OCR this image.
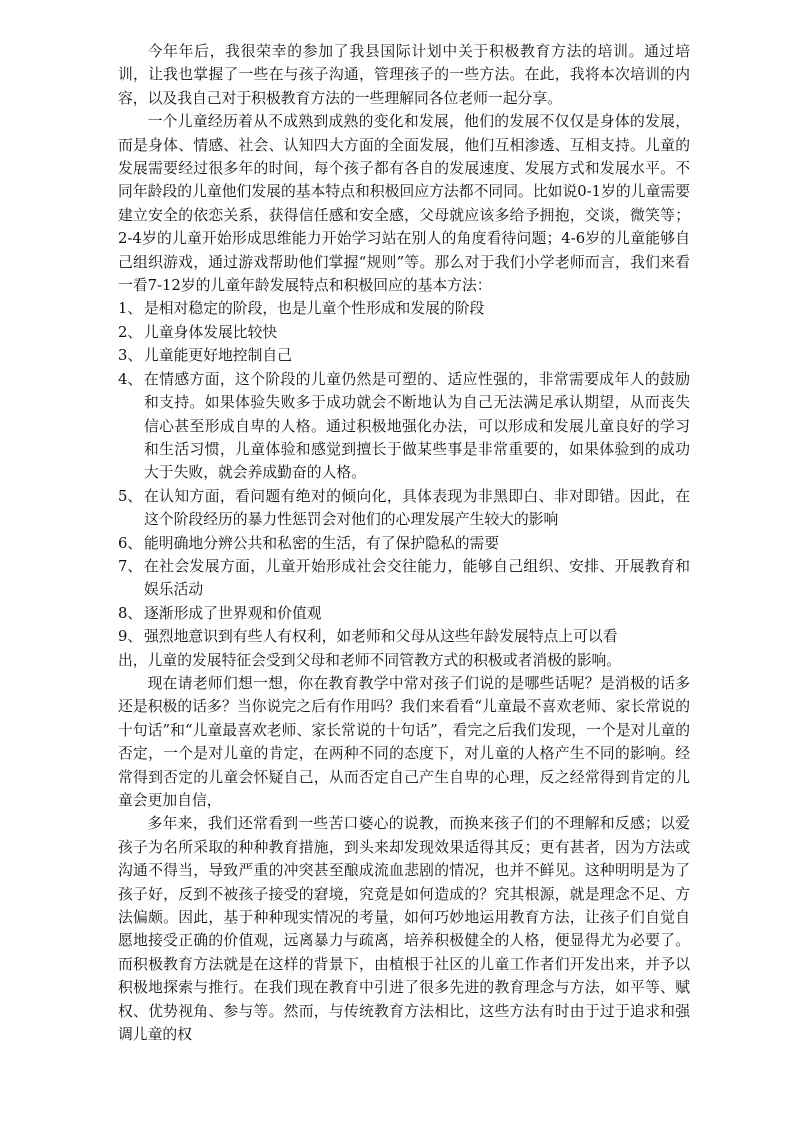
今年年后，我很荣幸的参加了我县国际计划中关于积极教育方法的培训。通过培训，让我也掌握了一些在与孩子沟通，管理孩子的一些方法。在此，我将本次培训的内容，以及我自己对于积极教育方法的一些理解同各位老师一起分享。

一个儿童经历着从不成熟到成熟的变化和发展，他们的发展不仅仅是身体的发展，而是身体、情感、社会、认知四大方面的全面发展，他们互相渗透、互相支持。儿童的发展需要经过很多年的时间，每个孩子都有各自的发展速度、发展方式和发展水平。不同年龄段的儿童他们发展的基本特点和积极回应方法都不同同。比如说0-1岁的儿童需要建立安全的依恋关系，获得信任感和安全感，父母就应该多给予拥抱，交谈，微笑等；2-4岁的儿童开始形成思维能力开始学习站在别人的角度看待问题；4-6岁的儿童能够自己组织游戏，通过游戏帮助他们掌握“规则”等。那么对于我们小学老师而言，我们来看一看7-12岁的儿童年龄发展特点和积极回应的基本方法：

1、 是相对稳定的阶段，也是儿童个性形成和发展的阶段
2、 儿童身体发展比较快
3、 儿童能更好地控制自己
4、 在情感方面，这个阶段的儿童仍然是可塑的、适应性强的，非常需要成年人的鼓励和支持。如果体验失败多于成功就会不断地认为自己无法满足承认期望，从而丧失信心甚至形成自卑的人格。通过积极地强化办法，可以形成和发展儿童良好的学习和生活习惯，儿童体验和感觉到擅长于做某些事是非常重要的，如果体验到的成功大于失败，就会养成勤奋的人格。
5、 在认知方面，看问题有绝对的倾向化，具体表现为非黑即白、非对即错。因此，在这个阶段经历的暴力性惩罚会对他们的心理发展产生较大的影响
6、 能明确地分辨公共和私密的生活，有了保护隐私的需要
7、 在社会发展方面，儿童开始形成社会交往能力，能够自己组织、安排、开展教育和娱乐活动
8、 逐渐形成了世界观和价值观
9、 强烈地意识到有些人有权利，如老师和父母从这些年龄发展特点上可以看

出，儿童的发展特征会受到父母和老师不同管教方式的积极或者消极的影响。

现在请老师们想一想，你在教育教学中常对孩子们说的是哪些话呢？是消极的话多还是积极的话多？当你说完之后有作用吗？我们来看看“儿童最不喜欢老师、家长常说的十句话”和“儿童最喜欢老师、家长常说的十句话”，看完之后我们发现，一个是对儿童的否定，一个是对儿童的肯定，在两种不同的态度下，对儿童的人格产生不同的影响。经常得到否定的儿童会怀疑自己，从而否定自己产生自卑的心理，反之经常得到肯定的儿童会更加自信，

多年来，我们还常看到一些苦口婆心的说教，而换来孩子们的不理解和反感；以爱孩子为名所采取的种种教育措施，到头来却发现效果适得其反；更有甚者，因为方法或沟通不得当，导致严重的冲突甚至酿成流血悲剧的情况，也并不鲜见。这种明明是为了孩子好，反到不被孩子接受的窘境，究竟是如何造成的？究其根源，就是理念不足、方法偏颇。因此，基于种种现实情况的考量，如何巧妙地运用教育方法，让孩子们自觉自愿地接受正确的价值观，远离暴力与疏离，培养积极健全的人格，便显得尤为必要了。而积极教育方法就是在这样的背景下，由植根于社区的儿童工作者们开发出来，并予以积极地探索与推行。在我们现在教育中引进了很多先进的教育理念与方法，如平等、赋权、优势视角、参与等。然而，与传统教育方法相比，这些方法有时由于过于追求和强调儿童的权
